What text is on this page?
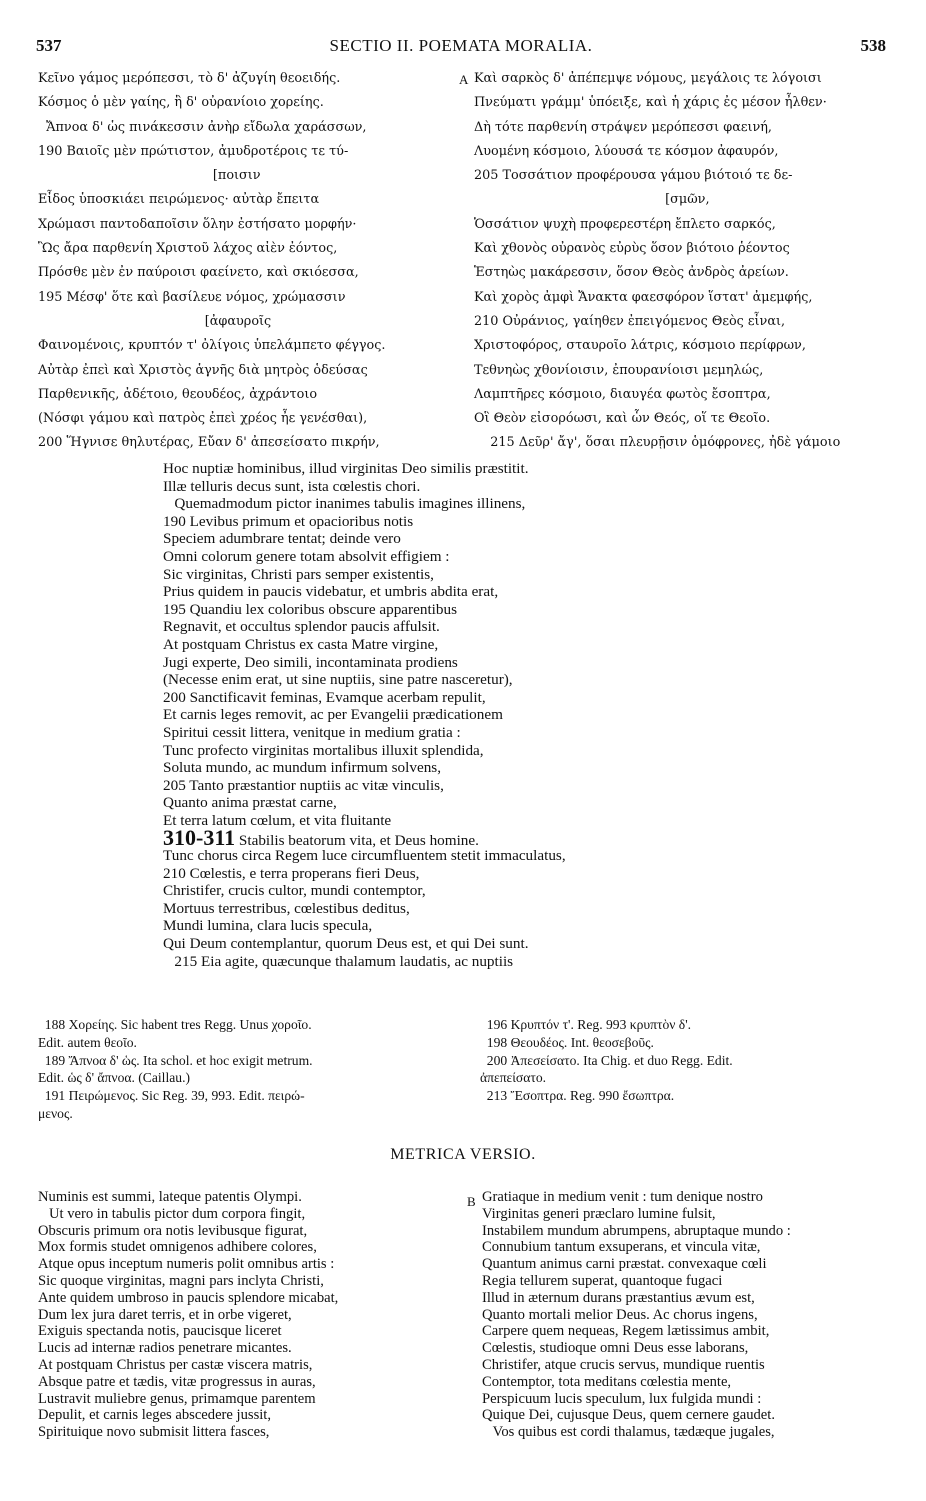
537	SECTIO II. POEMATA MORALIA.	538
Κεῖνο γάμος μερόπεσσι, τὸ δ' ἀζυγίη θεοειδής.
Κόσμος ὁ μὲν γαίης, ἣ δ' οὐρανίοιο χορείης.
Ἄπνοα δ' ὡς πινάκεσσιν ἀνὴρ εἴδωλα χαράσσων,
190 Βαιοῖς μὲν πρώτιστον, ἀμυδροτέροις τε τύ-
[ποισιν
Εἶδος ὑποσκιάει πειρώμενος· αὐτὰρ ἔπειτα
Χρώμασι παντοδαποῖσιν ὅλην ἐστήσατο μορφήν·
Ὣς ἄρα παρθενίη Χριστοῦ λάχος αἰὲν ἐόντος,
Πρόσθε μὲν ἐν παύροισι φαείνετο, καὶ σκιόεσσα,
195 Μέσφ' ὅτε καὶ βασίλευε νόμος, χρώμασσιν
[ἀφαυροῖς
Φαινομένοις, κρυπτόν τ' ὀλίγοις ὑπελάμπετο φέγγος.
Αὐτὰρ ἐπεὶ καὶ Χριστὸς ἁγνῆς διὰ μητρὸς ὁδεύσας
Παρθενικῆς, ἀδέτοιο, θεουδέος, ἀχράντοιο
(Νόσφι γάμου καὶ πατρὸς ἐπεὶ χρέος ἦε γενέσθαι),
200 Ἥγνισε θηλυτέρας, Εὔαν δ' ἀπεσείσατο πικρήν,
A Καὶ σαρκὸς δ' ἀπέπεμψε νόμους, μεγάλοις τε λόγοισι
Πνεύματι γράμμ' ὑπόειξε, καὶ ἡ χάρις ἐς μέσον ἦλθεν·
Δὴ τότε παρθενίη στράψεν μερόπεσσι φαεινή,
Λυομένη κόσμοιο, λύουσά τε κόσμον ἀφαυρόν,
205 Τοσσάτιον προφέρουσα γάμου βιότοιό τε δε-
[σμῶν,
Ὁσσάτιον ψυχὴ προφερεστέρη ἔπλετο σαρκός,
Καὶ χθονὸς οὐρανὸς εὐρὺς ὅσον βιότοιο ῥέοντος
Ἑστηὼς μακάρεσσιν, ὅσον Θεὸς ἀνδρὸς ἀρείων.
Καὶ χορὸς ἀμφὶ Ἄνακτα φαεσφόρον ἵστατ' ἀμεμφής,
210 Οὐράνιος, γαίηθεν ἐπειγόμενος Θεὸς εἶναι,
Χριστοφόρος, σταυροῖο λάτρις, κόσμοιο περίφρων,
Τεθνηὼς χθονίοισιν, ἐπουρανίοισι μεμηλώς,
Λαμπτῆρες κόσμοιο, διαυγέα φωτὸς ἔσοπτρα,
Οἳ Θεὸν εἰσορόωσι, καὶ ὧν Θεός, οἵ τε Θεοῖο.
215 Δεῦρ' ἄγ', ὅσαι πλευρῇσιν ὁμόφρονες, ἠδὲ γάμοιο
Hoc nuptiæ hominibus, illud virginitas Deo similis præstitit.
Illæ telluris decus sunt, ista cœlestis chori.
Quemadmodum pictor inanimes tabulis imagines illinens,
190 Levibus primum et opacioribus notis
Speciem adumbrare tentat; deinde vero
Omni colorum genere totam absolvit effigiem :
Sic virginitas, Christi pars semper existentis,
Prius quidem in paucis videbatur, et umbris abdita erat,
195 Quandiu lex coloribus obscure apparentibus
Regnavit, et occultus splendor paucis affulsit.
At postquam Christus ex casta Matre virgine,
Jugi experte, Deo simili, incontaminata prodiens
(Necesse enim erat, ut sine nuptiis, sine patre nasceretur),
200 Sanctificavit feminas, Evamque acerbam repulit,
Et carnis leges removit, ac per Evangelii prædicationem
Spiritui cessit littera, venitque in medium gratia :
Tunc profecto virginitas mortalibus illuxit splendida,
Soluta mundo, ac mundum infirmum solvens,
205 Tanto præstantior nuptiis ac vitæ vinculis,
Quanto anima præstat carne,
Et terra latum cœlum, et vita fluitante
310-311 Stabilis beatorum vita, et Deus homine.
Tunc chorus circa Regem luce circumfluentem stetit immaculatus,
210 Cœlestis, e terra properans fieri Deus,
Christifer, crucis cultor, mundi contemptor,
Mortuus terrestribus, cœlestibus deditus,
Mundi lumina, clara lucis specula,
Qui Deum contemplantur, quorum Deus est, et qui Dei sunt.
215 Eia agite, quæcunque thalamum laudatis, ac nuptiis
188 Χορείης. Sic habent tres Regg. Unus χοροῖο.
Edit. autem θεοῖο.
189 Ἄπνοα δ' ὡς. Ita schol. et hoc exigit metrum.
Edit. ὡς δ' ἄπνοα. (Caillau.)
191 Πειρώμενος. Sic Reg. 39, 993. Edit. πειρώ-
μενος.
196 Κρυπτόν τ'. Reg. 993 κρυπτὸν δ'.
198 Θεουδέος. Int. θεοσεβοῦς.
200 Ἀπεσείσατο. Ita Chig. et duo Regg. Edit.
ἀπεπείσατο.
213 Ἔσοπτρα. Reg. 990 ἔσωπτρα.
METRICA VERSIO.
Numinis est summi, lateque patentis Olympi.
Ut vero in tabulis pictor dum corpora fingit,
Obscuris primum ora notis levibusque figurat,
Mox formis studet omnigenos adhibere colores,
Atque opus inceptum numeris polit omnibus artis :
Sic quoque virginitas, magni pars inclyta Christi,
Ante quidem umbroso in paucis splendore micabat,
Dum lex jura daret terris, et in orbe vigeret,
Exiguis spectanda notis, paucisque liceret
Lucis ad internæ radios penetrare micantes.
At postquam Christus per castæ viscera matris,
Absque patre et tædis, vitæ progressus in auras,
Lustravit muliebre genus, primamque parentem
Depulit, et carnis leges abscedere jussit,
Spirituique novo submisit littera fasces,
B Gratiaque in medium venit : tum denique nostro
Virginitas generi præclaro lumine fulsit,
Instabilem mundum abrumpens, abruptaque mundo :
Connubium tantum exsuperans, et vincula vitæ,
Quantum animus carni præstat. convexaque cœli
Regia tellurem superat, quantoque fugaci
Illud in æternum durans præstantius ævum est,
Quanto mortali melior Deus. Ac chorus ingens,
Carpere quem nequeas, Regem lætissimus ambit,
Cœlestis, studioque omni Deus esse laborans,
Christifer, atque crucis servus, mundique ruentis
Contemptor, tota meditans cœlestia mente,
Perspicuum lucis speculum, lux fulgida mundi :
Quique Dei, cujusque Deus, quem cernere gaudet.
Vos quibus est cordi thalamus, tædæque jugales,
